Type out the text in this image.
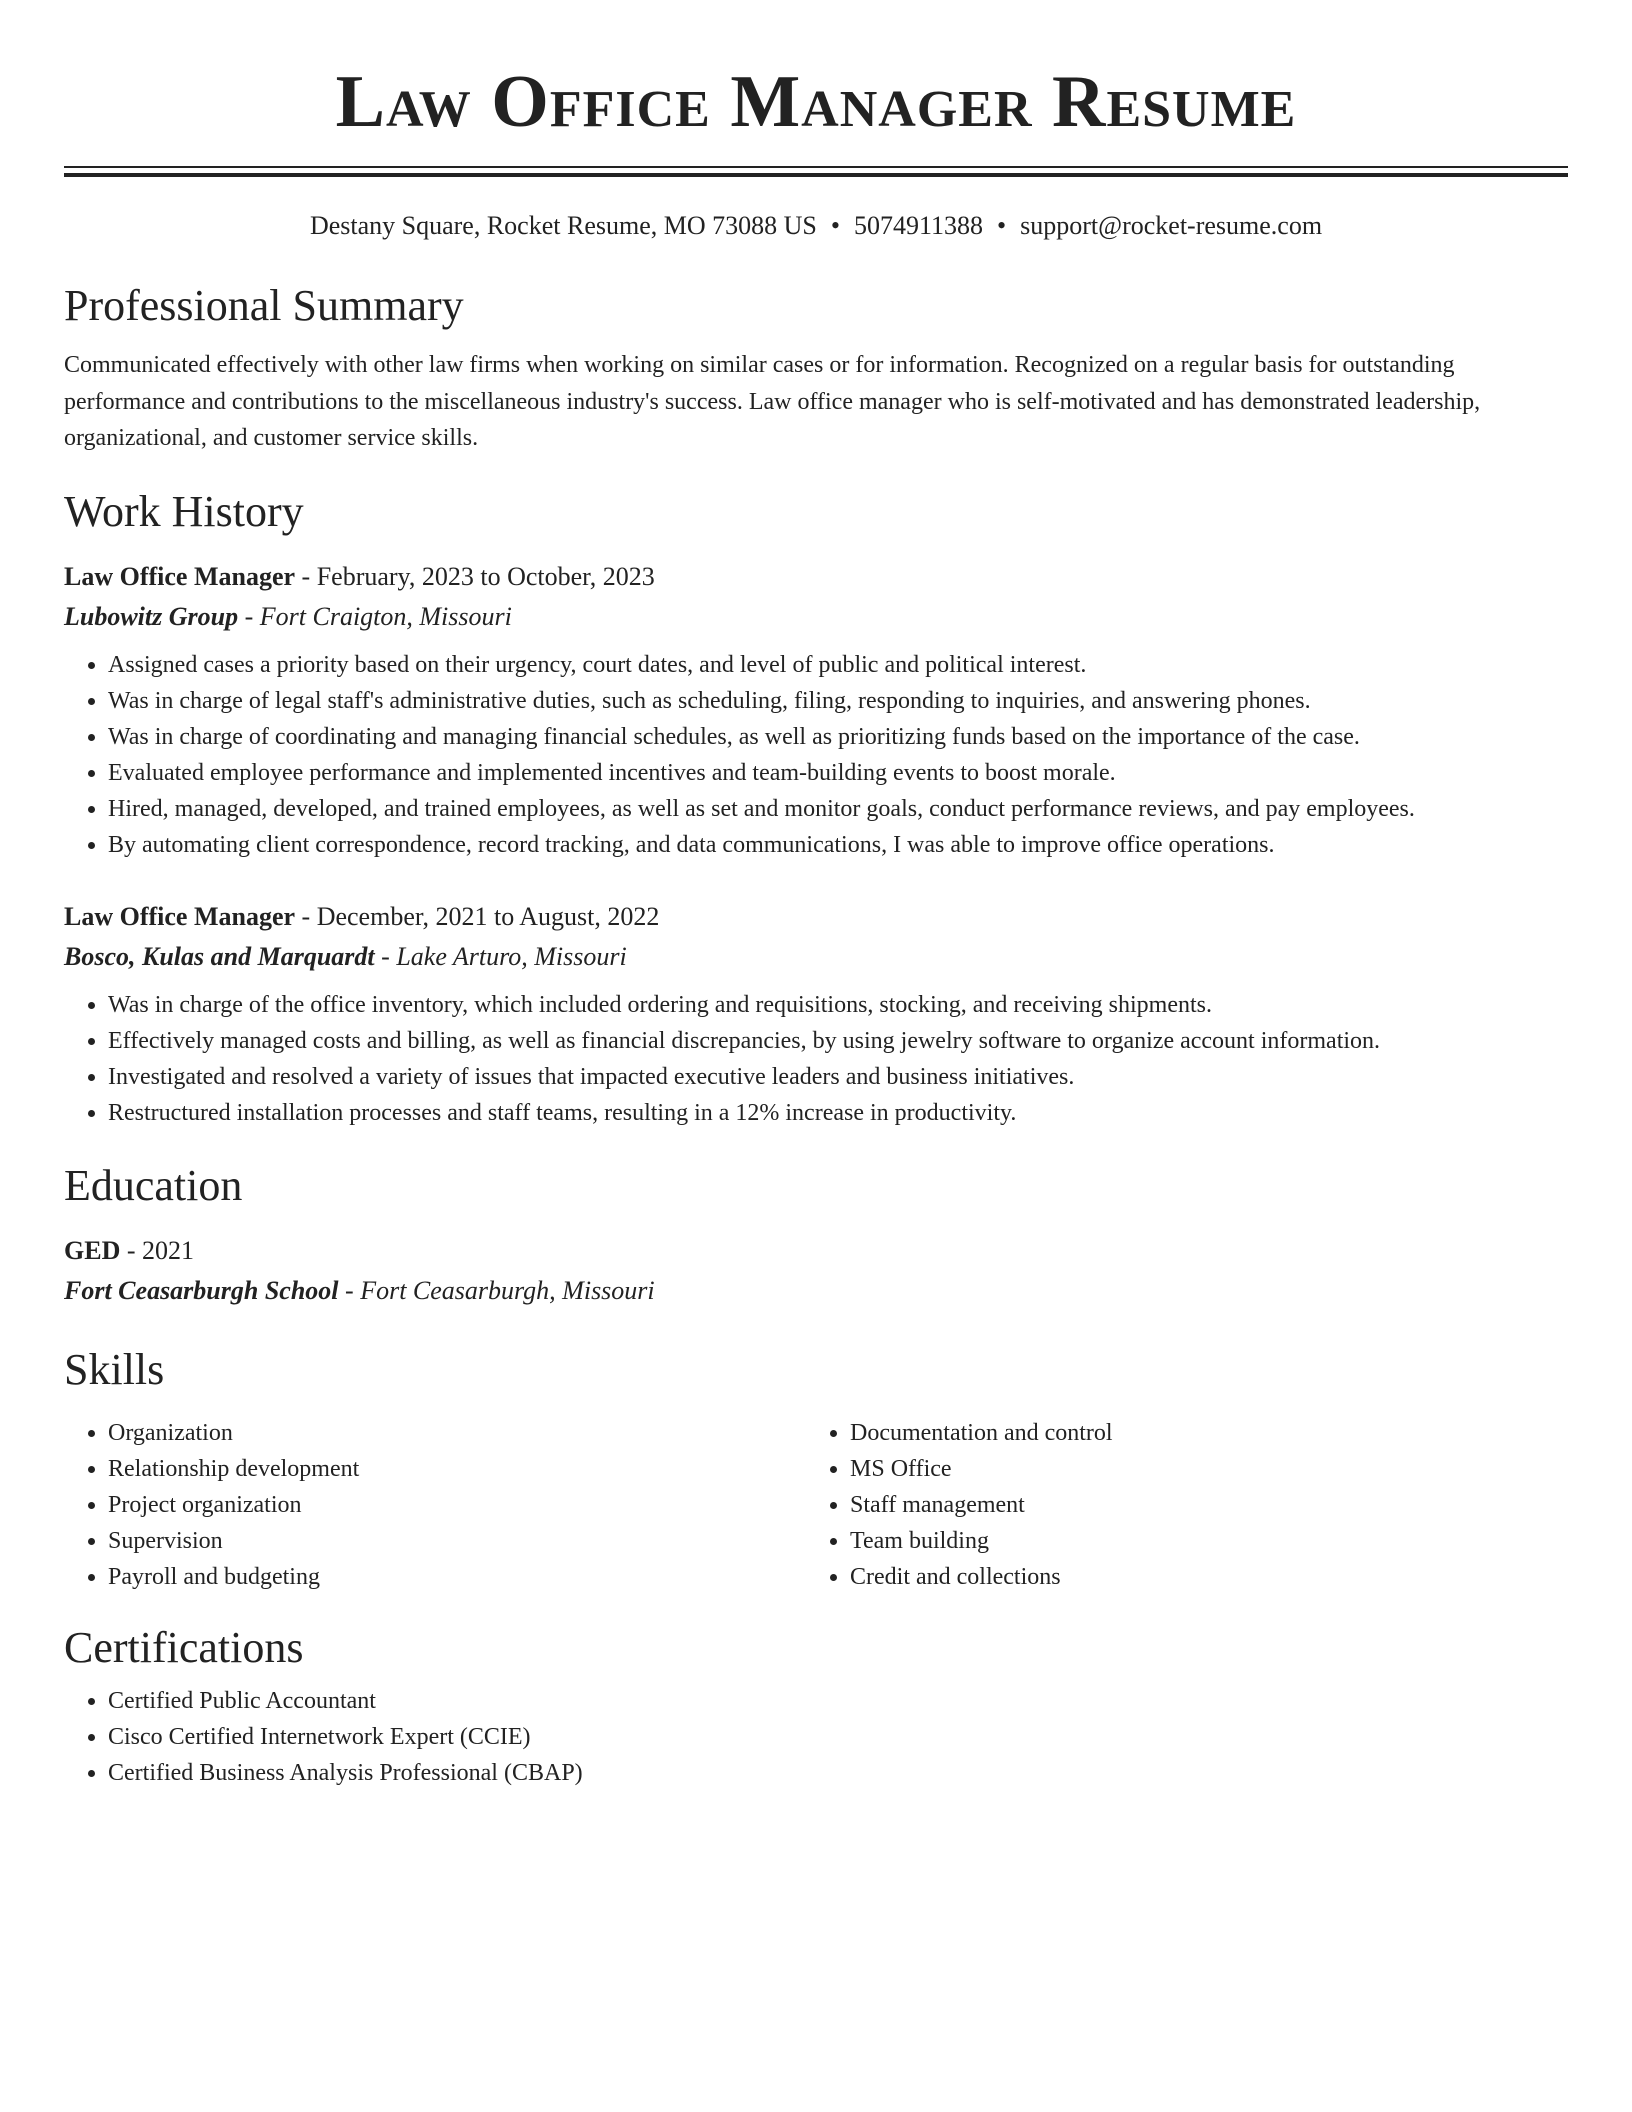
Law Office Manager Resume
Destany Square, Rocket Resume, MO 73088 US • 5074911388 • support@rocket-resume.com
Professional Summary
Communicated effectively with other law firms when working on similar cases or for information. Recognized on a regular basis for outstanding performance and contributions to the miscellaneous industry's success. Law office manager who is self-motivated and has demonstrated leadership, organizational, and customer service skills.
Work History
Law Office Manager - February, 2023 to October, 2023
Lubowitz Group - Fort Craigton, Missouri
• Assigned cases a priority based on their urgency, court dates, and level of public and political interest.
• Was in charge of legal staff's administrative duties, such as scheduling, filing, responding to inquiries, and answering phones.
• Was in charge of coordinating and managing financial schedules, as well as prioritizing funds based on the importance of the case.
• Evaluated employee performance and implemented incentives and team-building events to boost morale.
• Hired, managed, developed, and trained employees, as well as set and monitor goals, conduct performance reviews, and pay employees.
• By automating client correspondence, record tracking, and data communications, I was able to improve office operations.
Law Office Manager - December, 2021 to August, 2022
Bosco, Kulas and Marquardt - Lake Arturo, Missouri
• Was in charge of the office inventory, which included ordering and requisitions, stocking, and receiving shipments.
• Effectively managed costs and billing, as well as financial discrepancies, by using jewelry software to organize account information.
• Investigated and resolved a variety of issues that impacted executive leaders and business initiatives.
• Restructured installation processes and staff teams, resulting in a 12% increase in productivity.
Education
GED - 2021
Fort Ceasarburgh School - Fort Ceasarburgh, Missouri
Skills
• Organization
• Relationship development
• Project organization
• Supervision
• Payroll and budgeting
• Documentation and control
• MS Office
• Staff management
• Team building
• Credit and collections
Certifications
• Certified Public Accountant
• Cisco Certified Internetwork Expert (CCIE)
• Certified Business Analysis Professional (CBAP)
